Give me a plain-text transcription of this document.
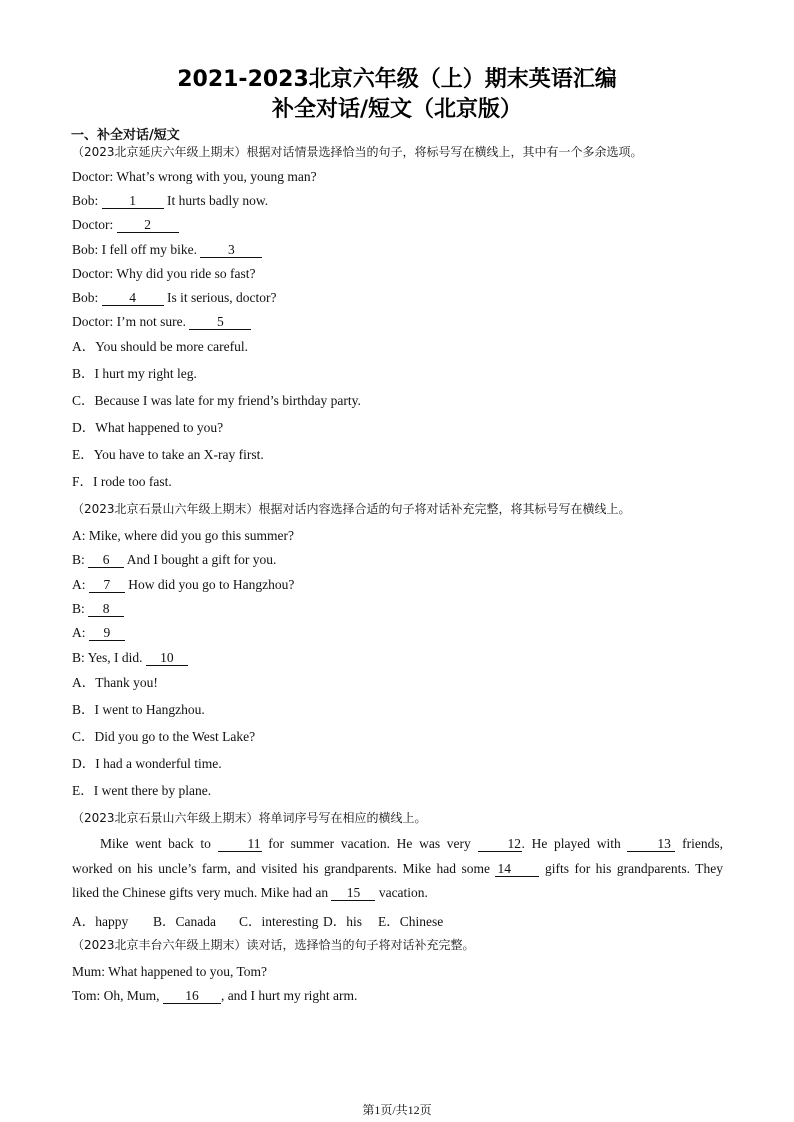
2021-2023北京六年级（上）期末英语汇编
补全对话/短文（北京版）
一、补全对话/短文
（2023北京延庆六年级上期末）根据对话情景选择恰当的句子，将标号写在横线上，其中有一个多余选项。
Doctor: What’s wrong with you, young man?
Bob: 1 It hurts badly now.
Doctor: 2
Bob: I fell off my bike. 3
Doctor: Why did you ride so fast?
Bob: 4 Is it serious, doctor?
Doctor: I’m not sure. 5
A．You should be more careful.
B．I hurt my right leg.
C．Because I was late for my friend’s birthday party.
D．What happened to you?
E．You have to take an X-ray first.
F．I rode too fast.
（2023北京石景山六年级上期末）根据对话内容选择合适的句子将对话补充完整，将其标号写在横线上。
A: Mike, where did you go this summer?
B: 6 And I bought a gift for you.
A: 7 How did you go to Hangzhou?
B: 8
A: 9
B: Yes, I did. 10
A．Thank you!
B．I went to Hangzhou.
C．Did you go to the West Lake?
D．I had a wonderful time.
E．I went there by plane.
（2023北京石景山六年级上期末）将单词序号写在相应的横线上。
Mike went back to 11 for summer vacation. He was very 12. He played with 13 friends,
worked on his uncle’s farm, and visited his grandparents. Mike had some 14 gifts for his grandparents. They
liked the Chinese gifts very much. Mike had an 15 vacation.
A．happy B．Canada C．interesting D．his E．Chinese
（2023北京丰台六年级上期末）读对话，选择恰当的句子将对话补充完整。
Mum: What happened to you, Tom?
Tom: Oh, Mum, 16 , and I hurt my right arm.
第1页/共12页
